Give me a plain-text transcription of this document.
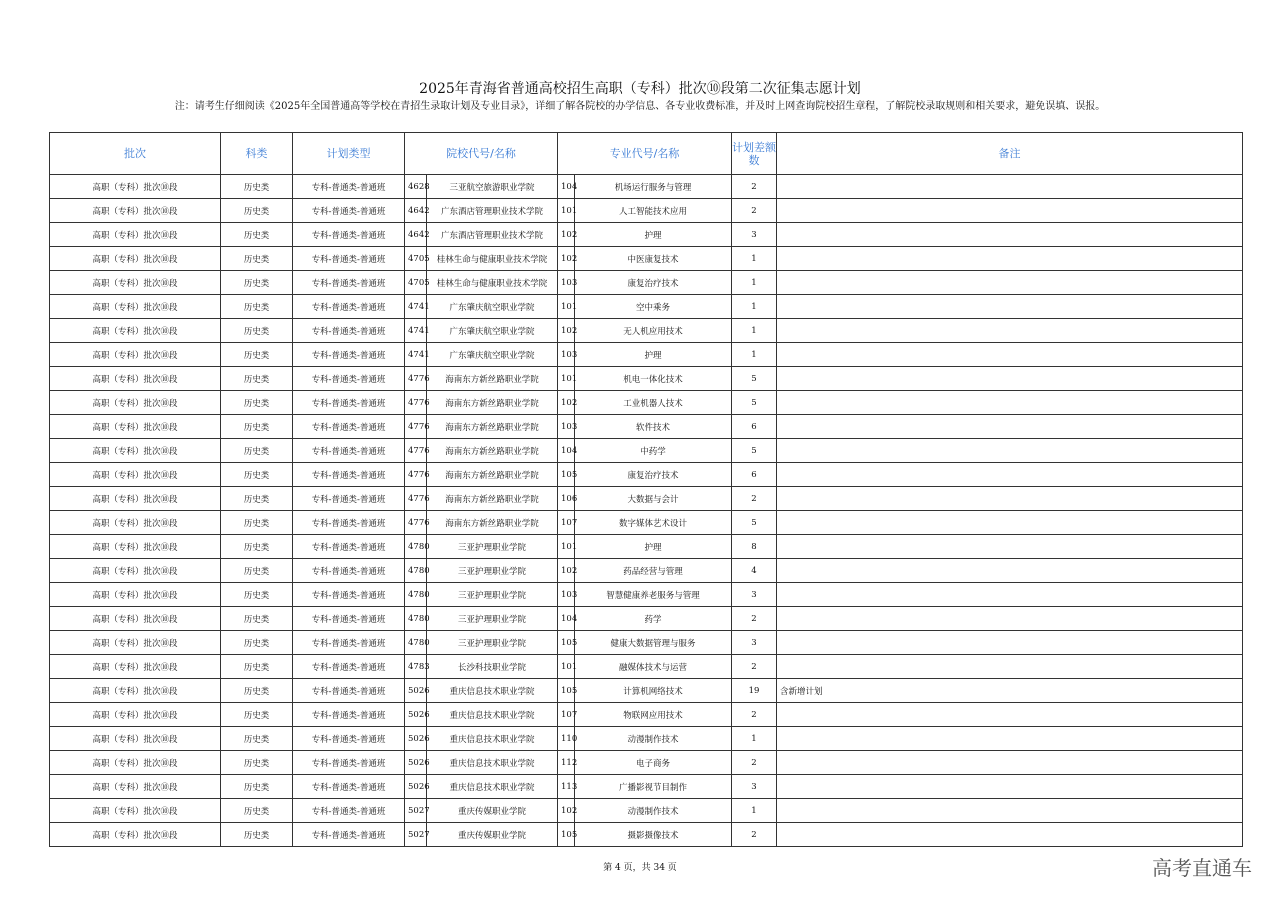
2025年青海省普通高校招生高职（专科）批次⑩段第二次征集志愿计划
注：请考生仔细阅读《2025年全国普通高等学校在青招生录取计划及专业目录》，详细了解各院校的办学信息、各专业收费标准，并及时上网查询院校招生章程，了解院校录取规则和相关要求，避免误填、误报。
批次	科类	计划类型	院校代号/名称		专业代号/名称		计划差额数	备注
高职（专科）批次⑩段	历史类	专科-普通类-普通班	4628	三亚航空旅游职业学院	104	机场运行服务与管理	2	
高职（专科）批次⑩段	历史类	专科-普通类-普通班	4642	广东酒店管理职业技术学院	101	人工智能技术应用	2	
高职（专科）批次⑩段	历史类	专科-普通类-普通班	4642	广东酒店管理职业技术学院	102	护理	3	
高职（专科）批次⑩段	历史类	专科-普通类-普通班	4705	桂林生命与健康职业技术学院	102	中医康复技术	1	
高职（专科）批次⑩段	历史类	专科-普通类-普通班	4705	桂林生命与健康职业技术学院	103	康复治疗技术	1	
高职（专科）批次⑩段	历史类	专科-普通类-普通班	4741	广东肇庆航空职业学院	101	空中乘务	1	
高职（专科）批次⑩段	历史类	专科-普通类-普通班	4741	广东肇庆航空职业学院	102	无人机应用技术	1	
高职（专科）批次⑩段	历史类	专科-普通类-普通班	4741	广东肇庆航空职业学院	103	护理	1	
高职（专科）批次⑩段	历史类	专科-普通类-普通班	4776	海南东方新丝路职业学院	101	机电一体化技术	5	
高职（专科）批次⑩段	历史类	专科-普通类-普通班	4776	海南东方新丝路职业学院	102	工业机器人技术	5	
高职（专科）批次⑩段	历史类	专科-普通类-普通班	4776	海南东方新丝路职业学院	103	软件技术	6	
高职（专科）批次⑩段	历史类	专科-普通类-普通班	4776	海南东方新丝路职业学院	104	中药学	5	
高职（专科）批次⑩段	历史类	专科-普通类-普通班	4776	海南东方新丝路职业学院	105	康复治疗技术	6	
高职（专科）批次⑩段	历史类	专科-普通类-普通班	4776	海南东方新丝路职业学院	106	大数据与会计	2	
高职（专科）批次⑩段	历史类	专科-普通类-普通班	4776	海南东方新丝路职业学院	107	数字媒体艺术设计	5	
高职（专科）批次⑩段	历史类	专科-普通类-普通班	4780	三亚护理职业学院	101	护理	8	
高职（专科）批次⑩段	历史类	专科-普通类-普通班	4780	三亚护理职业学院	102	药品经营与管理	4	
高职（专科）批次⑩段	历史类	专科-普通类-普通班	4780	三亚护理职业学院	103	智慧健康养老服务与管理	3	
高职（专科）批次⑩段	历史类	专科-普通类-普通班	4780	三亚护理职业学院	104	药学	2	
高职（专科）批次⑩段	历史类	专科-普通类-普通班	4780	三亚护理职业学院	105	健康大数据管理与服务	3	
高职（专科）批次⑩段	历史类	专科-普通类-普通班	4783	长沙科技职业学院	101	融媒体技术与运营	2	
高职（专科）批次⑩段	历史类	专科-普通类-普通班	5026	重庆信息技术职业学院	105	计算机网络技术	19	含新增计划
高职（专科）批次⑩段	历史类	专科-普通类-普通班	5026	重庆信息技术职业学院	107	物联网应用技术	2	
高职（专科）批次⑩段	历史类	专科-普通类-普通班	5026	重庆信息技术职业学院	110	动漫制作技术	1	
高职（专科）批次⑩段	历史类	专科-普通类-普通班	5026	重庆信息技术职业学院	112	电子商务	2	
高职（专科）批次⑩段	历史类	专科-普通类-普通班	5026	重庆信息技术职业学院	113	广播影视节目制作	3	
高职（专科）批次⑩段	历史类	专科-普通类-普通班	5027	重庆传媒职业学院	102	动漫制作技术	1	
高职（专科）批次⑩段	历史类	专科-普通类-普通班	5027	重庆传媒职业学院	105	摄影摄像技术	2	
第 4 页，共 34 页	高考直通车
